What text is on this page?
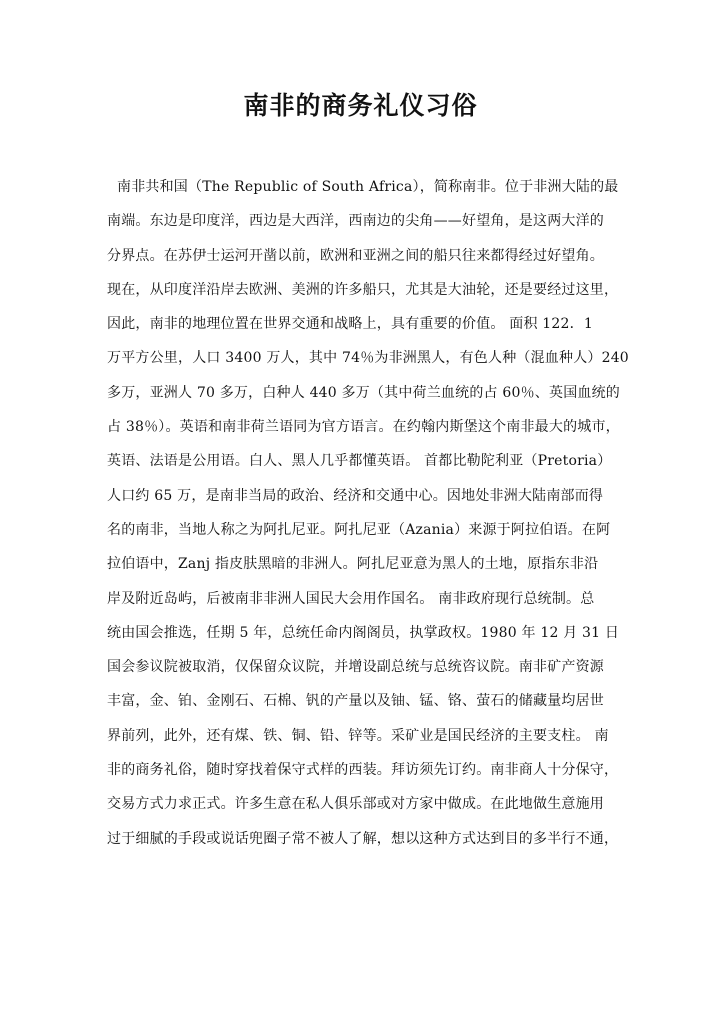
南非的商务礼仪习俗
南非共和国（The Republic of South Africa），简称南非。位于非洲大陆的最
南端。东边是印度洋，西边是大西洋，西南边的尖角——好望角，是这两大洋的
分界点。在苏伊士运河开凿以前，欧洲和亚洲之间的船只往来都得经过好望角。
现在，从印度洋沿岸去欧洲、美洲的许多船只，尤其是大油轮，还是要经过这里，
因此，南非的地理位置在世界交通和战略上，具有重要的价值。 面积 122．1
万平方公里，人口 3400 万人，其中 74％为非洲黑人，有色人种（混血种人）240
多万，亚洲人 70 多万，白种人 440 多万（其中荷兰血统的占 60％、英国血统的
占 38％）。英语和南非荷兰语同为官方语言。在约翰内斯堡这个南非最大的城市，
英语、法语是公用语。白人、黑人几乎都懂英语。 首都比勒陀利亚（Pretoria）
人口约 65 万，是南非当局的政治、经济和交通中心。因地处非洲大陆南部而得
名的南非，当地人称之为阿扎尼亚。阿扎尼亚（Azania）来源于阿拉伯语。在阿
拉伯语中，Zanj 指皮肤黑暗的非洲人。阿扎尼亚意为黑人的土地，原指东非沿
岸及附近岛屿，后被南非非洲人国民大会用作国名。 南非政府现行总统制。总
统由国会推选，任期 5 年，总统任命内阁阁员，执掌政权。1980 年 12 月 31 日
国会参议院被取消，仅保留众议院，并增设副总统与总统咨议院。南非矿产资源
丰富，金、铂、金刚石、石棉、钒的产量以及铀、锰、铬、萤石的储藏量均居世
界前列，此外，还有煤、铁、铜、铅、锌等。采矿业是国民经济的主要支柱。 南
非的商务礼俗，随时穿找着保守式样的西装。拜访须先订约。南非商人十分保守，
交易方式力求正式。许多生意在私人俱乐部或对方家中做成。在此地做生意施用
过于细腻的手段或说话兜圈子常不被人了解，想以这种方式达到目的多半行不通，
